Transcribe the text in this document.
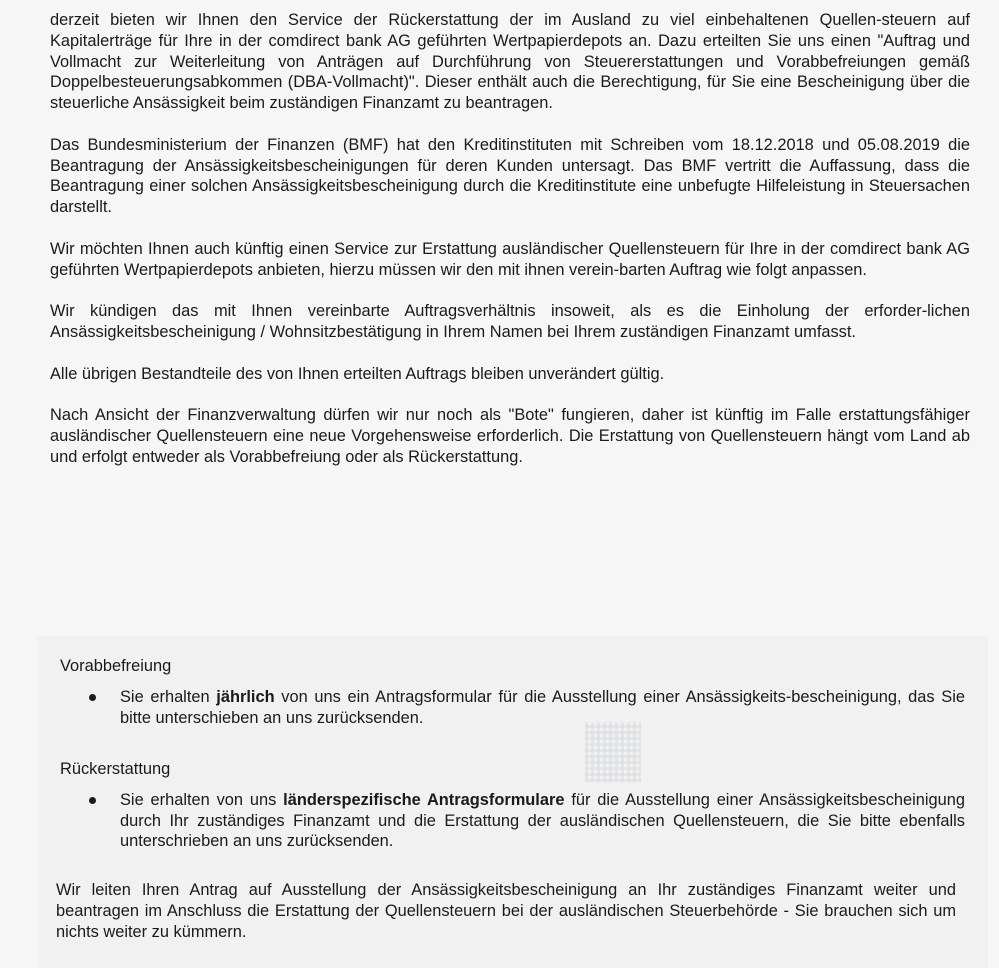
derzeit bieten wir Ihnen den Service der Rückerstattung der im Ausland zu viel einbehaltenen Quellen-steuern auf Kapitalerträge für Ihre in der comdirect bank AG geführten Wertpapierdepots an. Dazu erteilten Sie uns einen "Auftrag und Vollmacht zur Weiterleitung von Anträgen auf Durchführung von Steuererstattungen und Vorabbefreiungen gemäß Doppelbesteuerungsabkommen (DBA-Vollmacht)". Dieser enthält auch die Berechtigung, für Sie eine Bescheinigung über die steuerliche Ansässigkeit beim zuständigen Finanzamt zu beantragen.

Das Bundesministerium der Finanzen (BMF) hat den Kreditinstituten mit Schreiben vom 18.12.2018 und 05.08.2019 die Beantragung der Ansässigkeitsbescheinigungen für deren Kunden untersagt. Das BMF vertritt die Auffassung, dass die Beantragung einer solchen Ansässigkeitsbescheinigung durch die Kreditinstitute eine unbefugte Hilfeleistung in Steuersachen darstellt.

Wir möchten Ihnen auch künftig einen Service zur Erstattung ausländischer Quellensteuern für Ihre in der comdirect bank AG geführten Wertpapierdepots anbieten, hierzu müssen wir den mit ihnen verein-barten Auftrag wie folgt anpassen.

Wir kündigen das mit Ihnen vereinbarte Auftragsverhältnis insoweit, als es die Einholung der erforder-lichen Ansässigkeitsbescheinigung / Wohnsitzbestätigung in Ihrem Namen bei Ihrem zuständigen Finanzamt umfasst.

Alle übrigen Bestandteile des von Ihnen erteilten Auftrags bleiben unverändert gültig.

Nach Ansicht der Finanzverwaltung dürfen wir nur noch als "Bote" fungieren, daher ist künftig im Falle erstattungsfähiger ausländischer Quellensteuern eine neue Vorgehensweise erforderlich. Die Erstattung von Quellensteuern hängt vom Land ab und erfolgt entweder als Vorabbefreiung oder als Rückerstattung.

Vorabbefreiung

Sie erhalten jährlich von uns ein Antragsformular für die Ausstellung einer Ansässigkeits-bescheinigung, das Sie bitte unterschieben an uns zurücksenden.

Rückerstattung

Sie erhalten von uns länderspezifische Antragsformulare für die Ausstellung einer Ansässigkeitsbescheinigung durch Ihr zuständiges Finanzamt und die Erstattung der ausländischen Quellensteuern, die Sie bitte ebenfalls unterschrieben an uns zurücksenden.

Wir leiten Ihren Antrag auf Ausstellung der Ansässigkeitsbescheinigung an Ihr zuständiges Finanzamt weiter und beantragen im Anschluss die Erstattung der Quellensteuern bei der ausländischen Steuerbehörde - Sie brauchen sich um nichts weiter zu kümmern.
